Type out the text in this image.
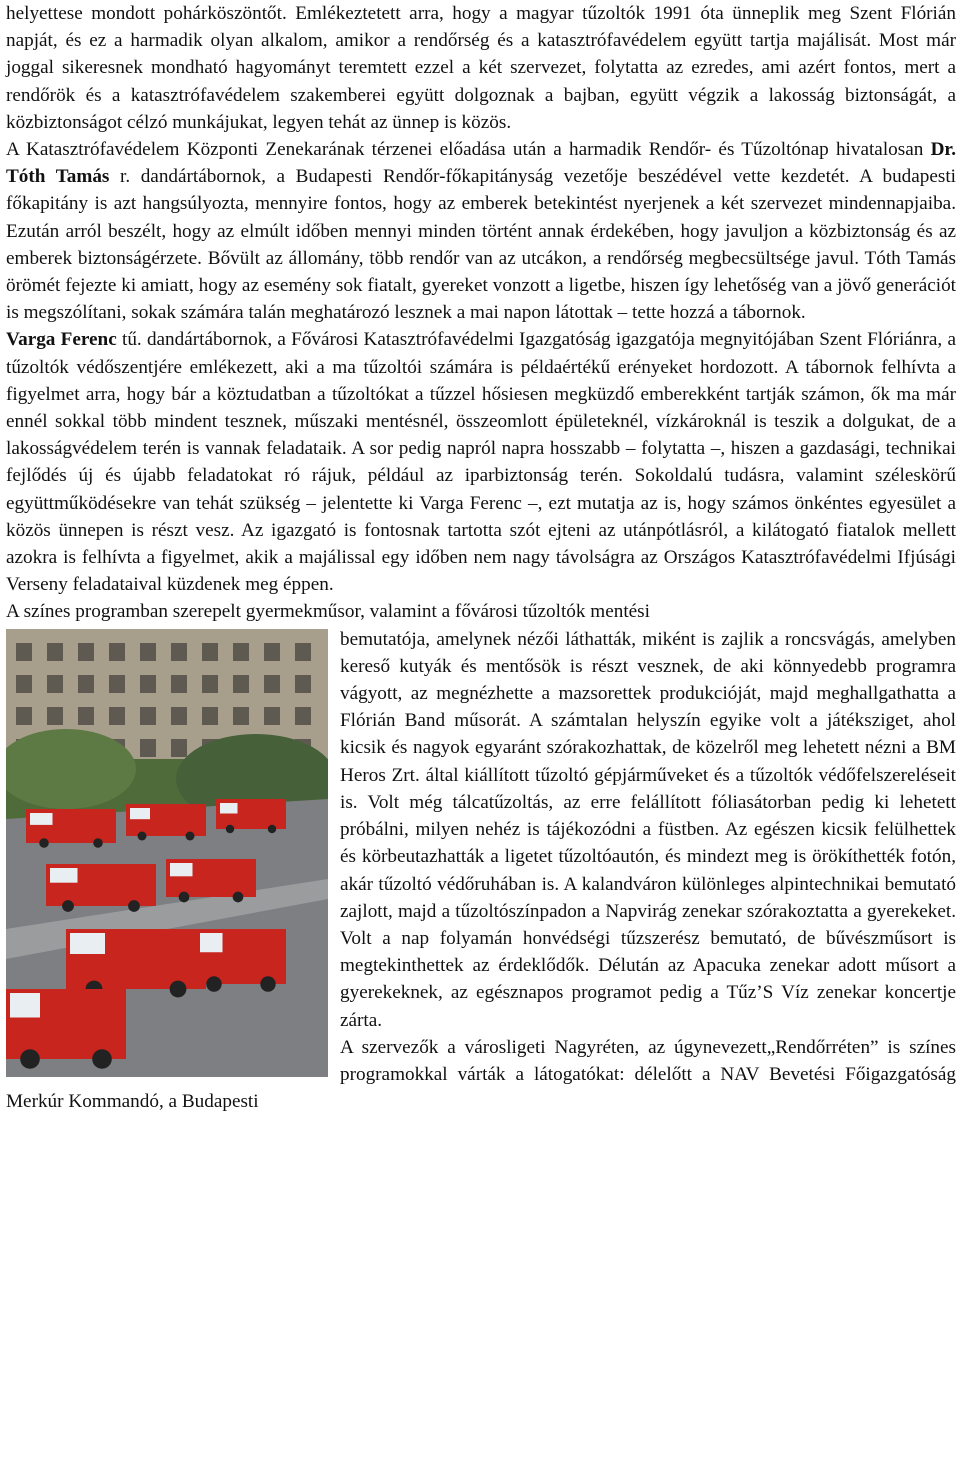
helyettese mondott pohárköszöntőt. Emlékeztetett arra, hogy a magyar tűzoltók 1991 óta ünneplik meg Szent Flórián napját, és ez a harmadik olyan alkalom, amikor a rendőrség és a katasztrófavédelem együtt tartja majálisát. Most már joggal sikeresnek mondható hagyományt teremtett ezzel a két szervezet, folytatta az ezredes, ami azért fontos, mert a rendőrök és a katasztrófavédelem szakemberei együtt dolgoznak a bajban, együtt végzik a lakosság biztonságát, a közbiztonságot célzó munkájukat, legyen tehát az ünnep is közös.

A Katasztrófavédelem Központi Zenekarának térzenei előadása után a harmadik Rendőr- és Tűzoltónap hivatalosan Dr. Tóth Tamás r. dandártábornok, a Budapesti Rendőr-főkapitányság vezetője beszédével vette kezdetét. A budapesti főkapitány is azt hangsúlyozta, mennyire fontos, hogy az emberek betekintést nyerjenek a két szervezet mindennapjaiba. Ezután arról beszélt, hogy az elmúlt időben mennyi minden történt annak érdekében, hogy javuljon a közbiztonság és az emberek biztonságérzete. Bővült az állomány, több rendőr van az utcákon, a rendőrség megbecsültsége javul. Tóth Tamás örömét fejezte ki amiatt, hogy az esemény sok fiatalt, gyereket vonzott a ligetbe, hiszen így lehetőség van a jövő generációt is megszólítani, sokak számára talán meghatározó lesznek a mai napon látottak – tette hozzá a tábornok.

Varga Ferenc tű. dandártábornok, a Fővárosi Katasztrófavédelmi Igazgatóság igazgatója megnyitójában Szent Flóriánra, a tűzoltók védőszentjére emlékezett, aki a ma tűzoltói számára is példaértékű erényeket hordozott. A tábornok felhívta a figyelmet arra, hogy bár a köztudatban a tűzoltókat a tűzzel hősiesen megküzdő emberekként tartják számon, ők ma már ennél sokkal több mindent tesznek, műszaki mentésnél, összeomlott épületeknél, vízkároknál is teszik a dolgukat, de a lakosságvédelem terén is vannak feladataik. A sor pedig napról napra hosszabb – folytatta –, hiszen a gazdasági, technikai fejlődés új és újabb feladatokat ró rájuk, például az iparbiztonság terén. Sokoldalú tudásra, valamint széleskörű együttműködésekre van tehát szükség – jelentette ki Varga Ferenc –, ezt mutatja az is, hogy számos önkéntes egyesület a közös ünnepen is részt vesz. Az igazgató is fontosnak tartotta szót ejteni az utánpótlásról, a kilátogató fiatalok mellett azokra is felhívta a figyelmet, akik a majálissal egy időben nem nagy távolságra az Országos Katasztrófavédelmi Ifjúsági Verseny feladataival küzdenek meg éppen.

A színes programban szerepelt gyermekműsor, valamint a fővárosi tűzoltók mentési

bemutatója, amelynek nézői láthatták, miként is zajlik a roncsvágás, amelyben kereső kutyák és mentősök is részt vesznek, de aki könnyedebb programra vágyott, az megnézhette a mazsorettek produkcióját, majd meghallgathatta a Flórián Band műsorát. A számtalan helyszín egyike volt a játéksziget, ahol kicsik és nagyok egyaránt szórakozhattak, de közelről meg lehetett nézni a BM Heros Zrt. által kiállított tűzoltó gépjárműveket és a tűzoltók védőfelszereléseit is. Volt még tálcatűzoltás, az erre felállított fóliasátorban pedig ki lehetett próbálni, milyen nehéz is tájékozódni a füstben. Az egészen kicsik felülhettek és körbeutazhatták a ligetet tűzoltóautón, és mindezt meg is örökíthették fotón, akár tűzoltó védőruhában is. A kalandváron különleges alpintechnikai bemutató zajlott, majd a tűzoltószínpadon a Napvirág zenekar szórakoztatta a gyerekeket. Volt a nap folyamán honvédségi tűzszerész bemutató, de bűvészműsort is megtekinthettek az érdeklődők. Délután az Apacuka zenekar adott műsort a gyerekeknek, az egésznapos programot pedig a Tűz’S Víz zenekar koncertje zárta.

A szervezők a városligeti Nagyréten, az úgynevezett„Rendőrréten” is színes programokkal várták a látogatókat: délelőtt a NAV Bevetési Főigazgatóság Merkúr Kommandó, a Budapesti
